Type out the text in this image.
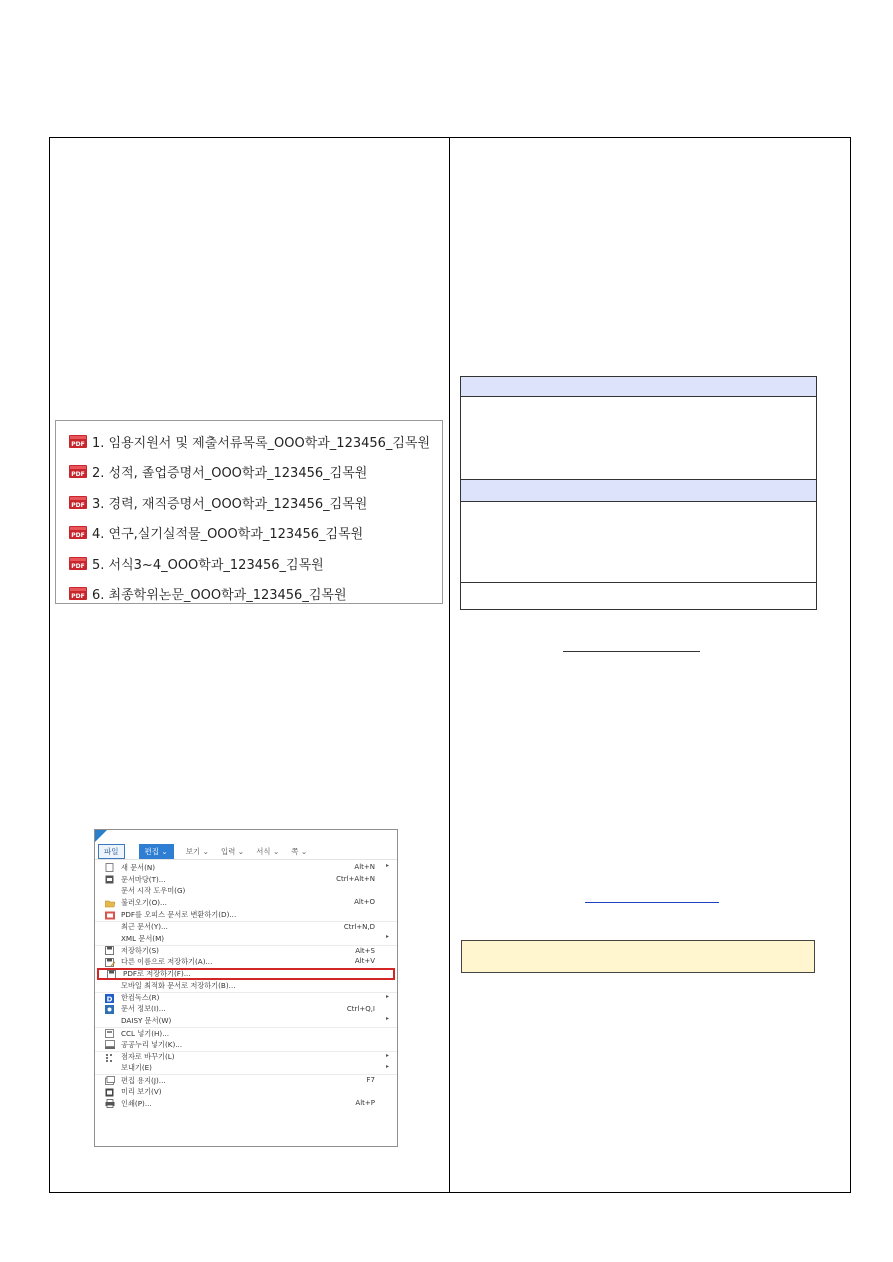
PDF 1. 임용지원서 및 제출서류목록_OOO학과_123456_김목원
PDF 2. 성적, 졸업증명서_OOO학과_123456_김목원
PDF 3. 경력, 재직증명서_OOO학과_123456_김목원
PDF 4. 연구,실기실적물_OOO학과_123456_김목원
PDF 5. 서식3~4_OOO학과_123456_김목원
PDF 6. 최종학위논문_OOO학과_123456_김목원
파일	편집 ⌄	보기 ⌄ 입력 ⌄ 서식 ⌄ 쪽 ⌄
새 문서(N)	Alt+N ▸
문서마당(T)...	Ctrl+Alt+N
문서 시작 도우미(G)
불러오기(O)...	Alt+O
PDF를 오피스 문서로 변환하기(D)...
최근 문서(Y)...	Ctrl+N,D
XML 문서(M)	▸
저장하기(S)	Alt+S
다른 이름으로 저장하기(A)...	Alt+V
PDF로 저장하기(F)...
모바일 최적화 문서로 저장하기(B)...
D 한컴독스(R)	▸
문서 정보(I)...	Ctrl+Q,I
DAISY 문서(W)	▸
CCL 넣기(H)...
공공누리 넣기(K)...
점자로 바꾸기(L)	▸
보내기(E)	▸
편집 용지(J)...	F7
미리 보기(V)
인쇄(P)...	Alt+P
